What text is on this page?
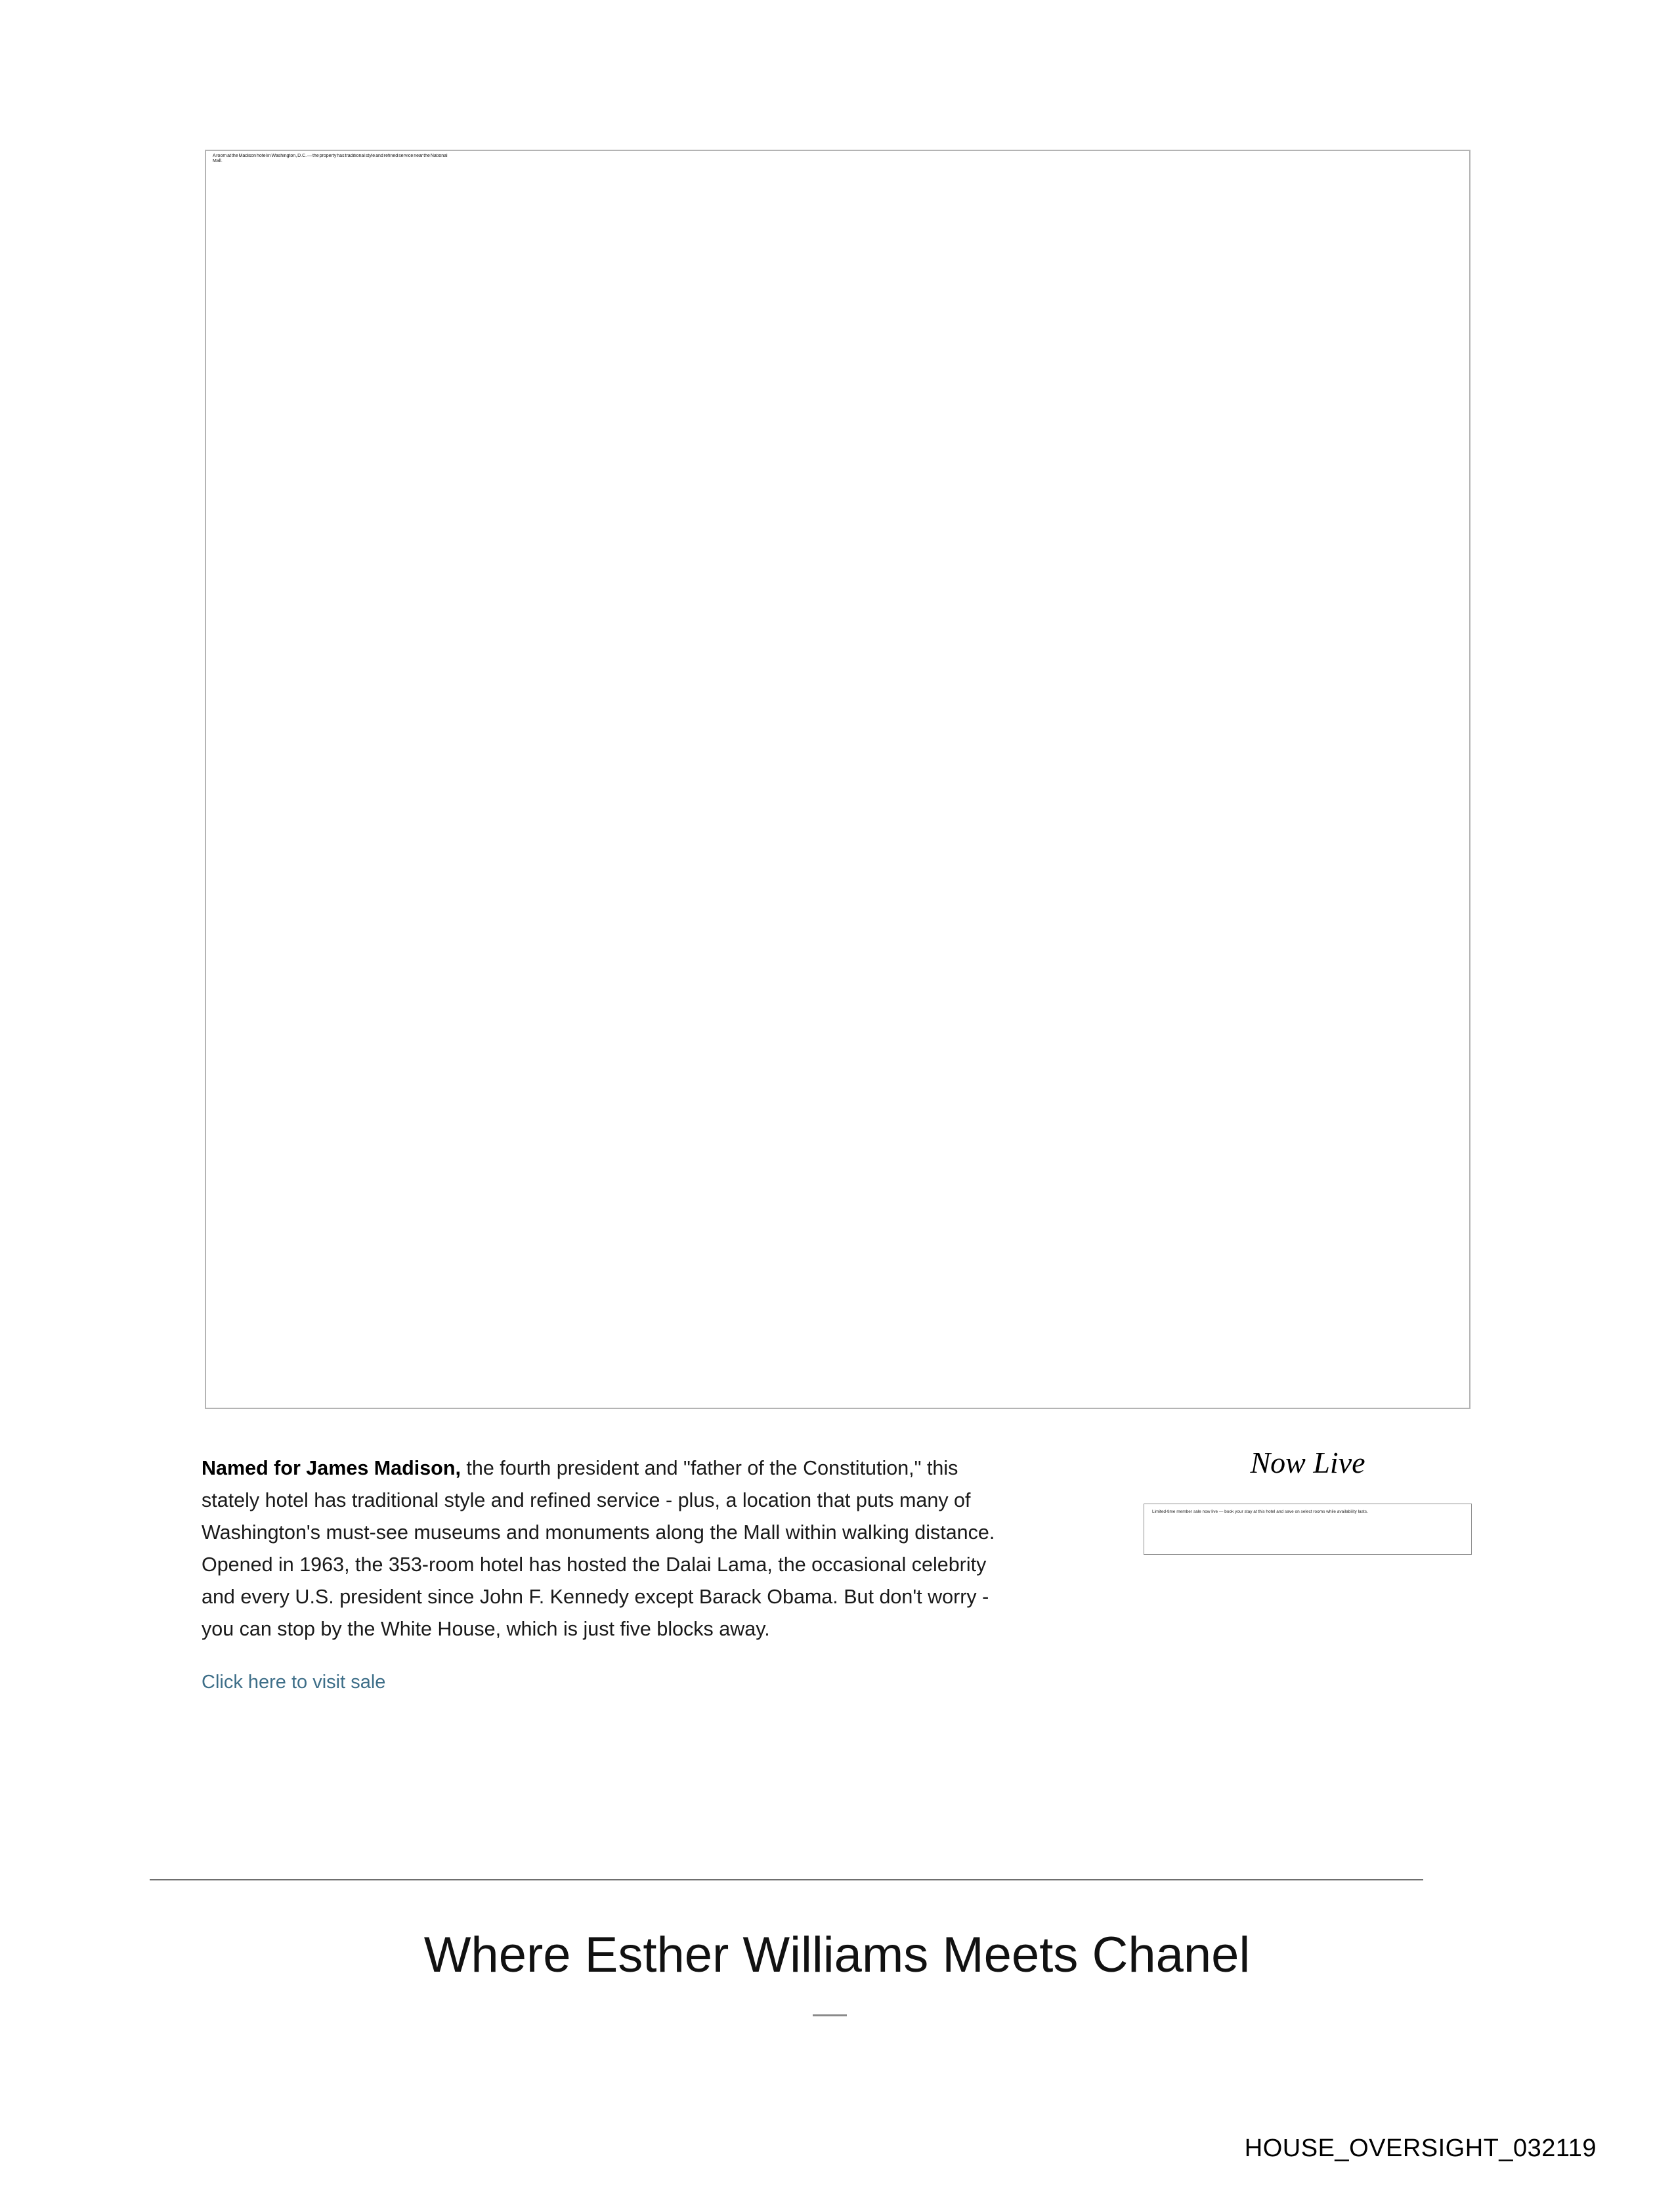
A room at the Madison hotel in Washington, D.C. — the property has traditional style and refined service near the National Mall.

Named for James Madison, the fourth president and "father of the Constitution," this stately hotel has traditional style and refined service - plus, a location that puts many of Washington's must-see museums and monuments along the Mall within walking distance. Opened in 1963, the 353-room hotel has hosted the Dalai Lama, the occasional celebrity and every U.S. president since John F. Kennedy except Barack Obama. But don't worry - you can stop by the White House, which is just five blocks away.

Click here to visit sale
Now Live
Limited-time member sale now live — book your stay at this hotel and save on select rooms while availability lasts.
Where Esther Williams Meets Chanel
HOUSE_OVERSIGHT_032119
